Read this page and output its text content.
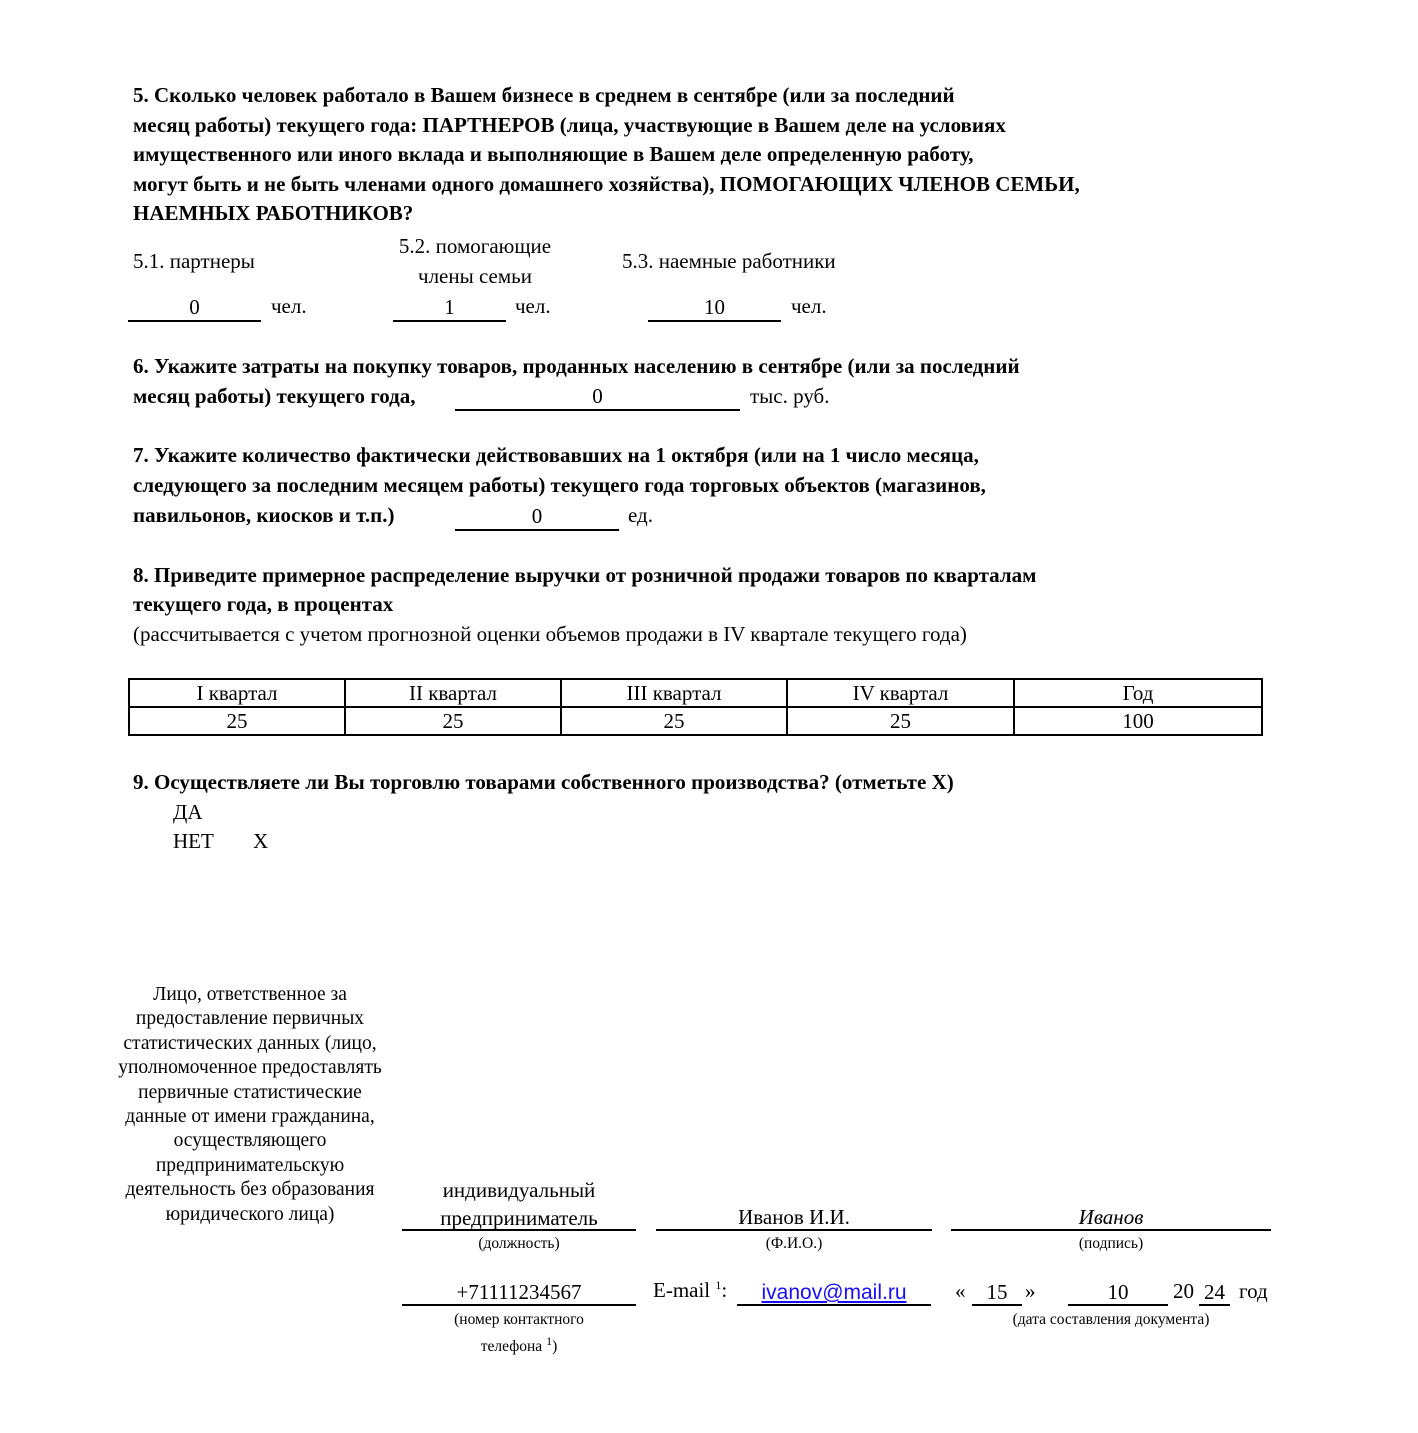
5. Сколько человек работало в Вашем бизнесе в среднем в сентябре (или за последний
месяц работы) текущего года: ПАРТНЕРОВ (лица, участвующие в Вашем деле на условиях
имущественного или иного вклада и выполняющие в Вашем деле определенную работу,
могут быть и не быть членами одного домашнего хозяйства), ПОМОГАЮЩИХ ЧЛЕНОВ СЕМЬИ,
НАЕМНЫХ РАБОТНИКОВ?
5.1. партнеры
5.2. помогающие
члены семьи
5.3. наемные работники
0	чел.	1	чел.	10	чел.
6. Укажите затраты на покупку товаров, проданных населению в сентябре (или за последний
месяц работы) текущего года,	0	тыс. руб.
7. Укажите количество фактически действовавших на 1 октября (или на 1 число месяца,
следующего за последним месяцем работы) текущего года торговых объектов (магазинов,
павильонов, киосков и т.п.)	0	ед.
8. Приведите примерное распределение выручки от розничной продажи товаров по кварталам
текущего года, в процентах
(рассчитывается с учетом прогнозной оценки объемов продажи в IV квартале текущего года)
I квартал	II квартал	III квартал	IV квартал	Год
25	25	25	25	100
9. Осуществляете ли Вы торговлю товарами собственного производства? (отметьте X)
ДА
НЕТ X
Лицо, ответственное за
предоставление первичных
статистических данных (лицо,
уполномоченное предоставлять
первичные статистические
данные от имени гражданина,
осуществляющего
предпринимательскую
деятельность без образования
юридического лица)
индивидуальный
предприниматель
(должность)
Иванов И.И.
(Ф.И.О.)
Иванов
(подпись)
+71111234567
(номер контактного
телефона $^1$)
E-mail $^1$:	ivanov@mail.ru	«	15 »	10	20 24 год
(дата составления документа)
